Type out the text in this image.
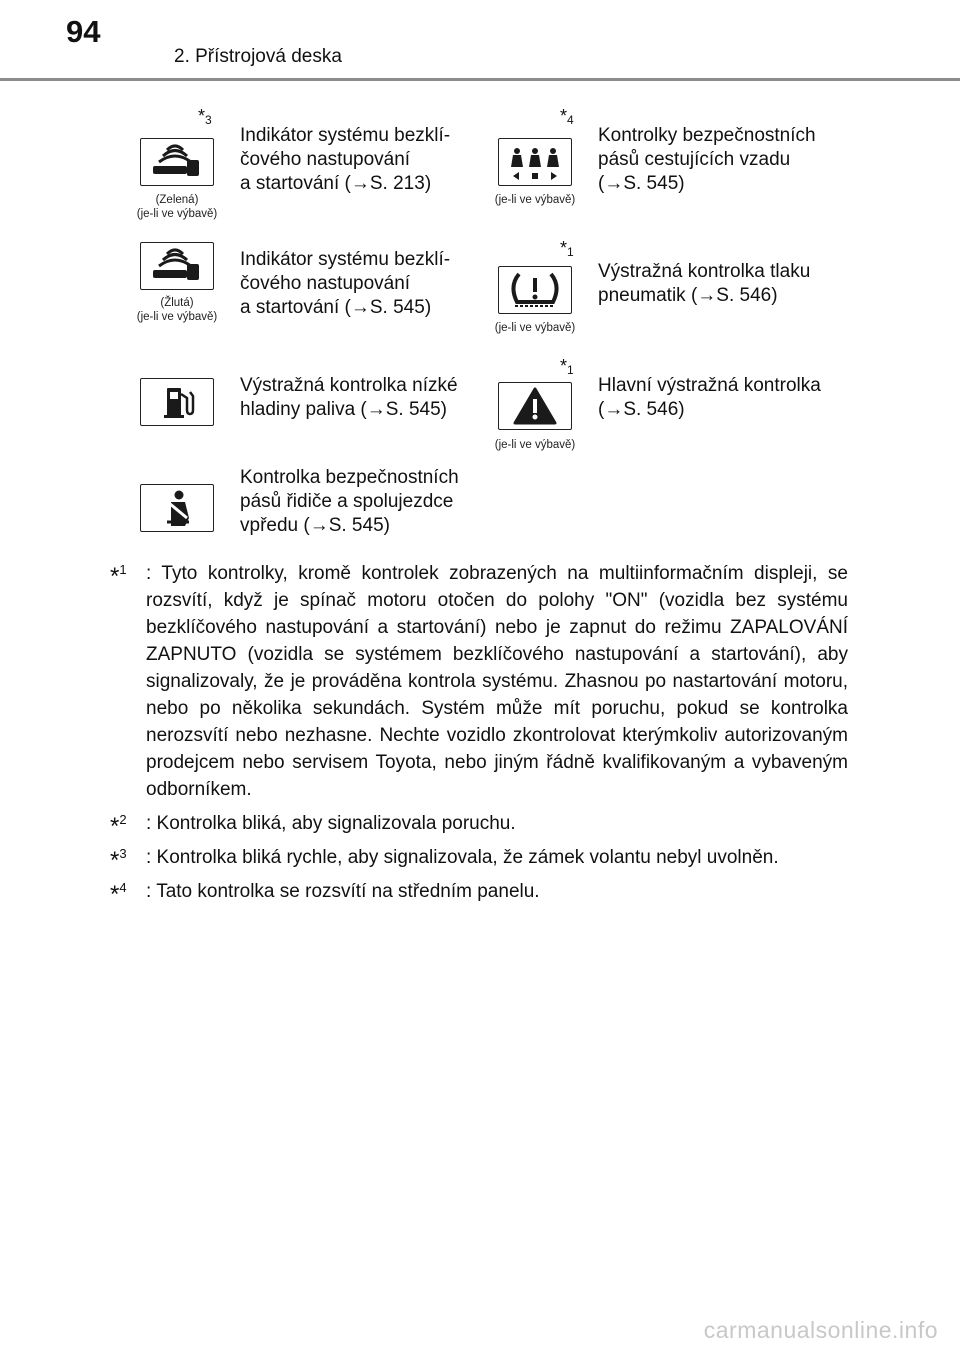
94
2. Přístrojová deska
*$^3$
(Zelená)
(je-li ve výbavě)
Indikátor systému bezklí-
čového nastupování
a startování (→S. 213)
*$^4$
(je-li ve výbavě)
Kontrolky bezpečnostních
pásů cestujících vzadu
(→S. 545)
(Žlutá)
(je-li ve výbavě)
Indikátor systému bezklí-
čového nastupování
a startování (→S. 545)
*$^1$
(je-li ve výbavě)
Výstražná kontrolka tlaku
pneumatik (→S. 546)
Výstražná kontrolka nízké
hladiny paliva (→S. 545)
*$^1$
(je-li ve výbavě)
Hlavní výstražná kontrolka
(→S. 546)
Kontrolka bezpečnostních
pásů řidiče a spolujezdce
vpředu (→S. 545)
*$^1$ : Tyto kontrolky, kromě kontrolek zobrazených na multiinformačním displeji, se rozsvítí, když je spínač motoru otočen do polohy "ON" (vozidla bez systému bezklíčového nastupování a startování) nebo je zapnut do režimu ZAPALOVÁNÍ ZAPNUTO (vozidla se systémem bezklíčového nastupování a startování), aby signalizovaly, že je prováděna kontrola systému. Zhasnou po nastartování motoru, nebo po několika sekundách. Systém může mít poruchu, pokud se kontrolka nerozsvítí nebo nezhasne. Nechte vozidlo zkontrolovat kterýmkoliv autorizovaným prodejcem nebo servisem Toyota, nebo jiným řádně kvalifikovaným a vybaveným odborníkem.
*$^2$ : Kontrolka bliká, aby signalizovala poruchu.
*$^3$ : Kontrolka bliká rychle, aby signalizovala, že zámek volantu nebyl uvolněn.
*$^4$ : Tato kontrolka se rozsvítí na středním panelu.
carmanualsonline.info
